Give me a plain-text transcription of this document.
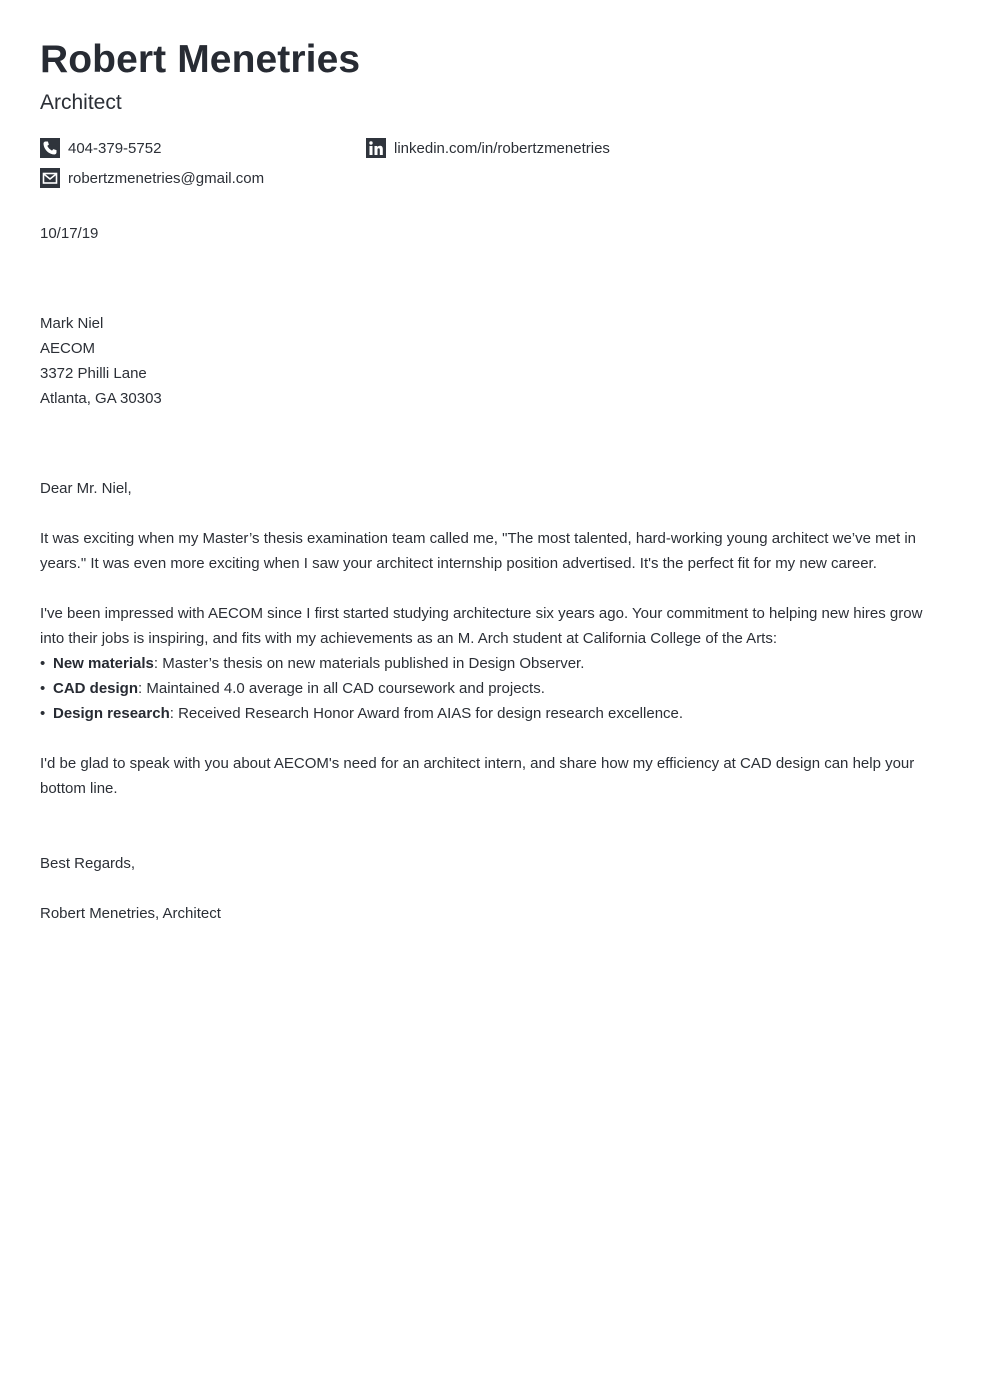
Robert Menetries
Architect
404-379-5752	linkedin.com/in/robertzmenetries
robertzmenetries@gmail.com
10/17/19
Mark Niel
AECOM
3372 Philli Lane
Atlanta, GA 30303
Dear Mr. Niel,

It was exciting when my Master’s thesis examination team called me, "The most talented, hard-working young architect we’ve met in years." It was even more exciting when I saw your architect internship position advertised. It's the perfect fit for my new career.

I've been impressed with AECOM since I first started studying architecture six years ago. Your commitment to helping new hires grow into their jobs is inspiring, and fits with my achievements as an M. Arch student at California College of the Arts:

• New materials: Master’s thesis on new materials published in Design Observer.
• CAD design: Maintained 4.0 average in all CAD coursework and projects.
• Design research: Received Research Honor Award from AIAS for design research excellence.

I'd be glad to speak with you about AECOM's need for an architect intern, and share how my efficiency at CAD design can help your bottom line.

Best Regards,
Robert Menetries, Architect
